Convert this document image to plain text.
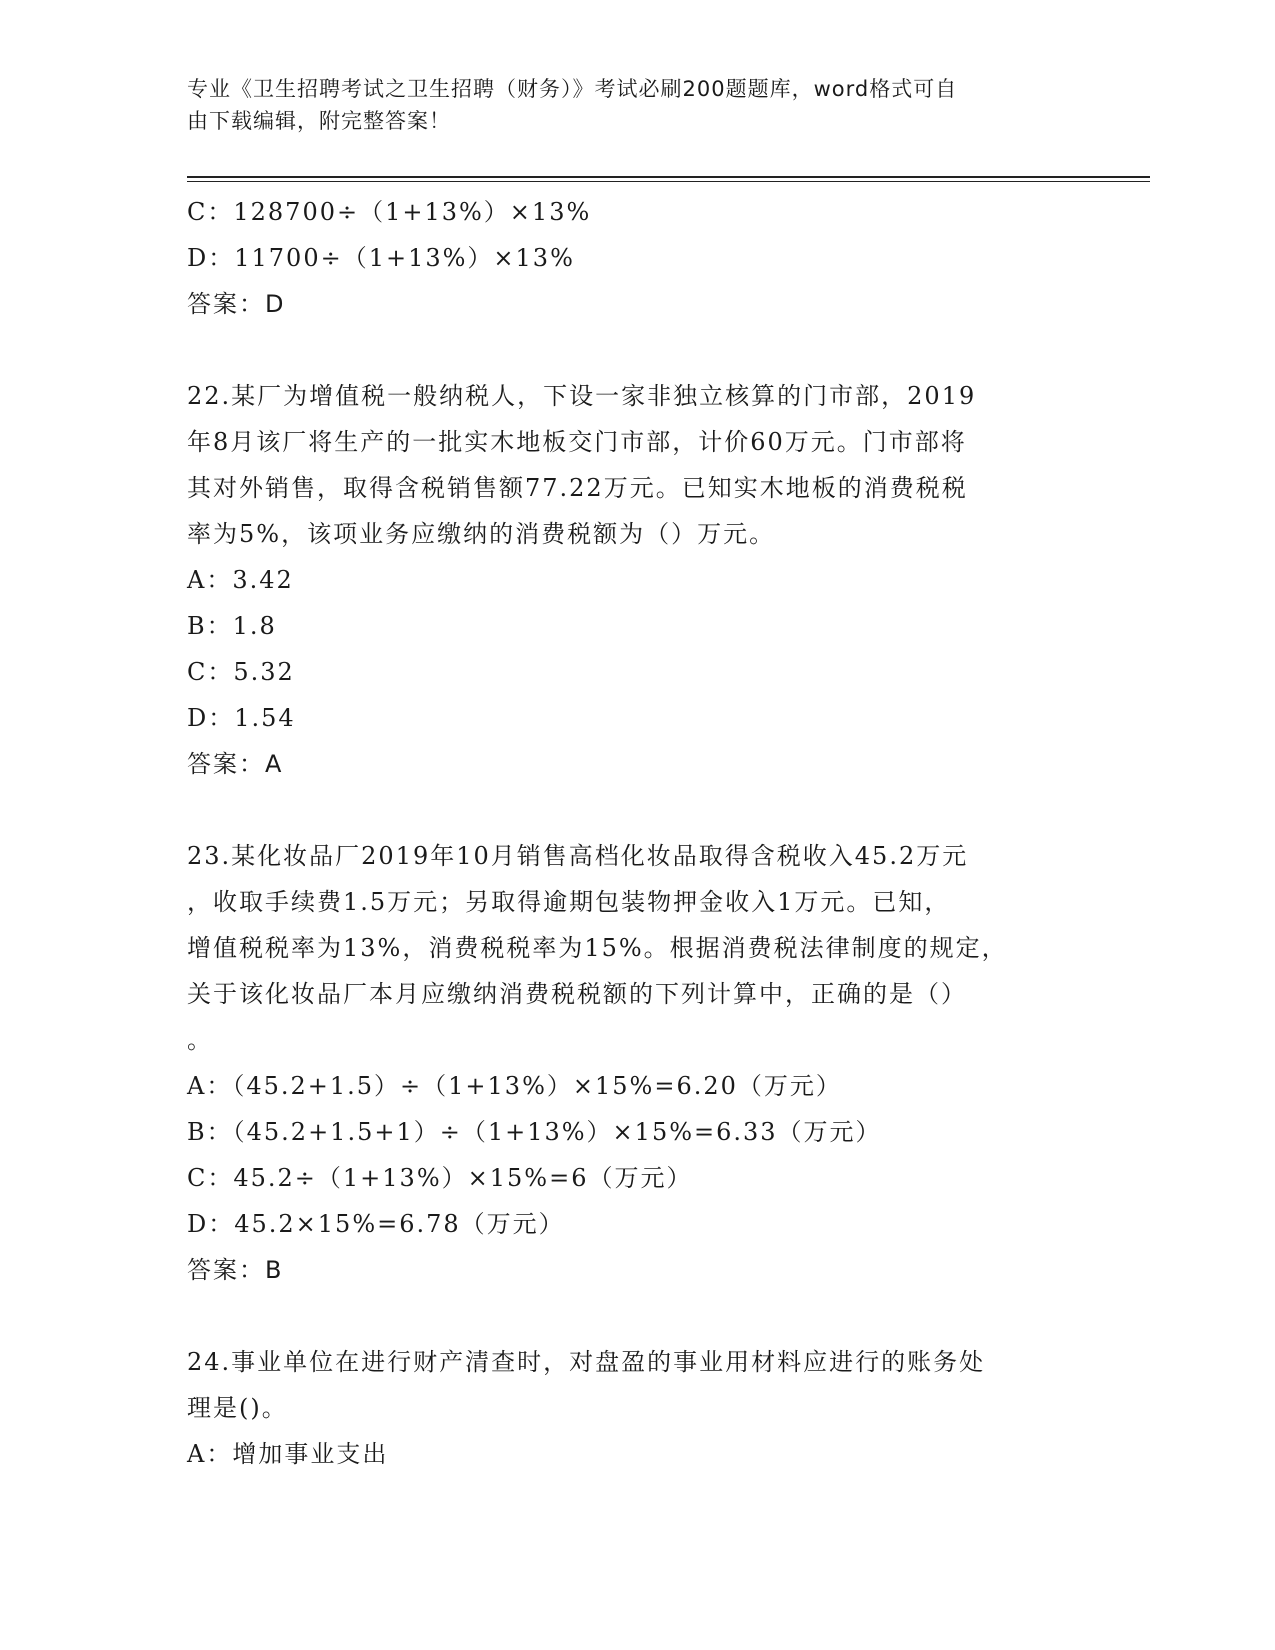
专业《卫生招聘考试之卫生招聘（财务）》考试必刷200题题库，word格式可自
由下载编辑，附完整答案！
C：128700÷（1+13%）×13%
D：11700÷（1+13%）×13%
答案：D
22.某厂为增值税一般纳税人，下设一家非独立核算的门市部，2019
年8月该厂将生产的一批实木地板交门市部，计价60万元。门市部将
其对外销售，取得含税销售额77.22万元。已知实木地板的消费税税
率为5%，该项业务应缴纳的消费税额为（）万元。
A：3.42
B：1.8
C：5.32
D：1.54
答案：A
23.某化妆品厂2019年10月销售高档化妆品取得含税收入45.2万元
，收取手续费1.5万元；另取得逾期包装物押金收入1万元。已知，
增值税税率为13%，消费税税率为15%。根据消费税法律制度的规定，
关于该化妆品厂本月应缴纳消费税税额的下列计算中，正确的是（）
。
A：（45.2+1.5）÷（1+13%）×15%=6.20（万元）
B：（45.2+1.5+1）÷（1+13%）×15%=6.33（万元）
C：45.2÷（1+13%）×15%=6（万元）
D：45.2×15%=6.78（万元）
答案：B
24.事业单位在进行财产清查时，对盘盈的事业用材料应进行的账务处
理是()。
A：增加事业支出
